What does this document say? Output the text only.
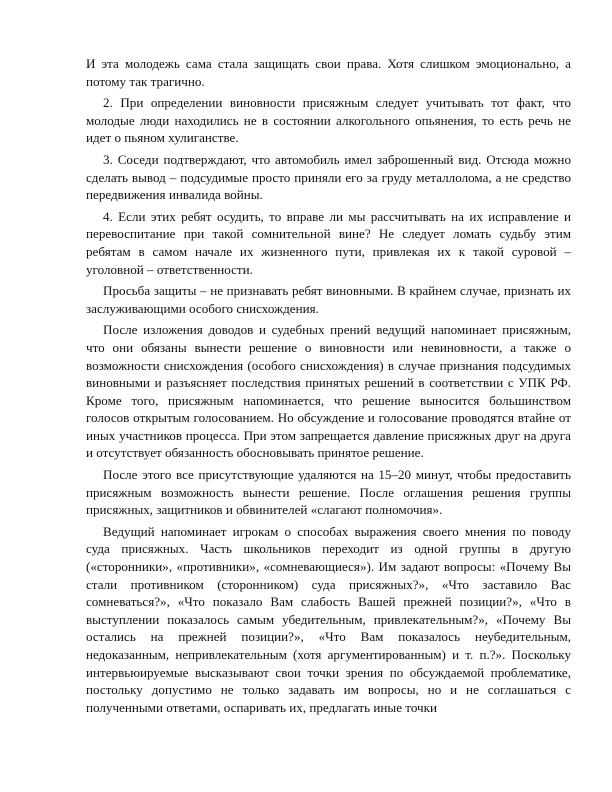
И эта молодежь сама стала защищать свои права. Хотя слишком эмоционально, а потому так трагично.

2. При определении виновности присяжным следует учитывать тот факт, что молодые люди находились не в состоянии алкогольного опьянения, то есть речь не идет о пьяном хулиганстве.

3. Соседи подтверждают, что автомобиль имел заброшенный вид. Отсюда можно сделать вывод – подсудимые просто приняли его за груду металлолома, а не средство передвижения инвалида войны.

4. Если этих ребят осудить, то вправе ли мы рассчитывать на их исправление и перевоспитание при такой сомнительной вине? Не следует ломать судьбу этим ребятам в самом начале их жизненного пути, привлекая их к такой суровой – уголовной – ответственности.

Просьба защиты – не признавать ребят виновными. В крайнем случае, признать их заслуживающими особого снисхождения.

После изложения доводов и судебных прений ведущий напоминает присяжным, что они обязаны вынести решение о виновности или невиновности, а также о возможности снисхождения (особого снисхождения) в случае признания подсудимых виновными и разъясняет последствия принятых решений в соответствии с УПК РФ. Кроме того, присяжным напоминается, что решение выносится большинством голосов открытым голосованием. Но обсуждение и голосование проводятся втайне от иных участников процесса. При этом запрещается давление присяжных друг на друга и отсутствует обязанность обосновывать принятое решение.

После этого все присутствующие удаляются на 15–20 минут, чтобы предоставить присяжным возможность вынести решение. После оглашения решения группы присяжных, защитников и обвинителей «слагают полномочия».

Ведущий напоминает игрокам о способах выражения своего мнения по поводу суда присяжных. Часть школьников переходит из одной группы в другую («сторонники», «противники», «сомневающиеся»). Им задают вопросы: «Почему Вы стали противником (сторонником) суда присяжных?», «Что заставило Вас сомневаться?», «Что показало Вам слабость Вашей прежней позиции?», «Что в выступлении показалось самым убедительным, привлекательным?», «Почему Вы остались на прежней позиции?», «Что Вам показалось неубедительным, недоказанным, непривлекательным (хотя аргументированным) и т. п.?». Поскольку интервьюируемые высказывают свои точки зрения по обсуждаемой проблематике, постольку допустимо не только задавать им вопросы, но и не соглашаться с полученными ответами, оспаривать их, предлагать иные точки
